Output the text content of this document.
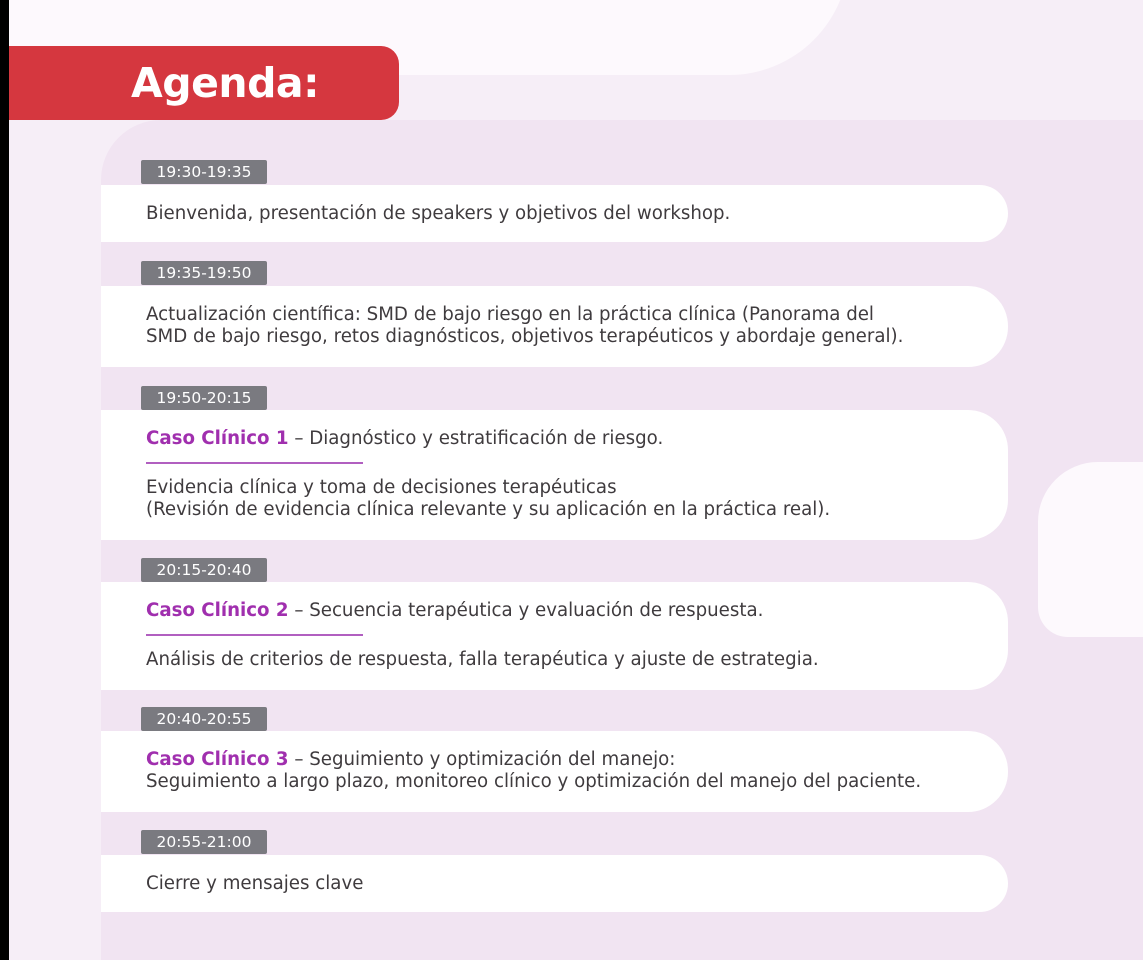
Agenda:
19:30-19:35
Bienvenida, presentación de speakers y objetivos del workshop.
19:35-19:50
Actualización científica: SMD de bajo riesgo en la práctica clínica (Panorama del
SMD de bajo riesgo, retos diagnósticos, objetivos terapéuticos y abordaje general).
19:50-20:15
Caso Clínico 1 – Diagnóstico y estratificación de riesgo.
Evidencia clínica y toma de decisiones terapéuticas
(Revisión de evidencia clínica relevante y su aplicación en la práctica real).
20:15-20:40
Caso Clínico 2 – Secuencia terapéutica y evaluación de respuesta.
Análisis de criterios de respuesta, falla terapéutica y ajuste de estrategia.
20:40-20:55
Caso Clínico 3 – Seguimiento y optimización del manejo:
Seguimiento a largo plazo, monitoreo clínico y optimización del manejo del paciente.
20:55-21:00
Cierre y mensajes clave
